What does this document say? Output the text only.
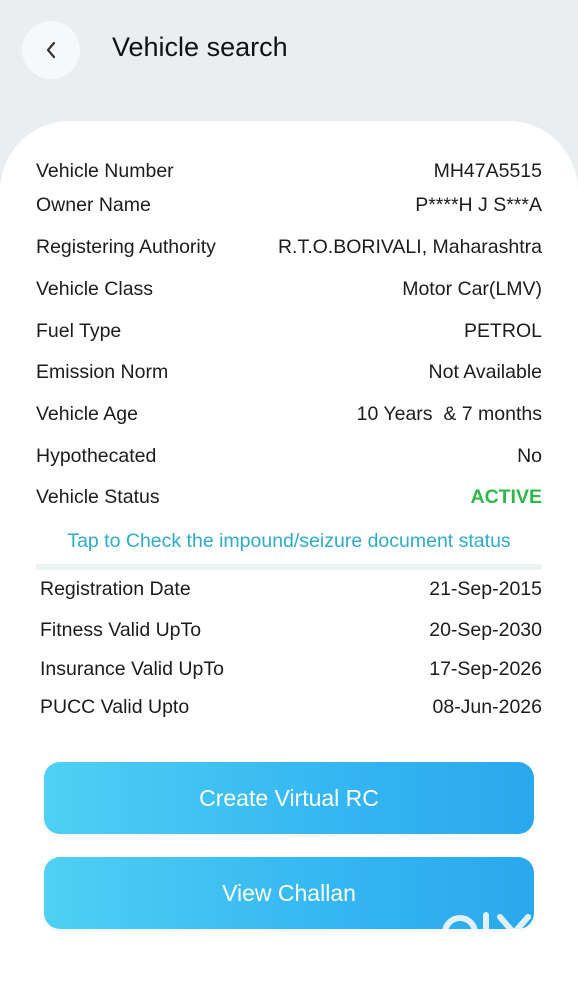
Vehicle search
Vehicle Number	MH47A5515
Owner Name	P****H J S***A
Registering Authority	R.T.O.BORIVALI, Maharashtra
Vehicle Class	Motor Car(LMV)
Fuel Type	PETROL
Emission Norm	Not Available
Vehicle Age	10 Years  & 7 months
Hypothecated	No
Vehicle Status	ACTIVE
Tap to Check the impound/seizure document status
Registration Date	21-Sep-2015
Fitness Valid UpTo	20-Sep-2030
Insurance Valid UpTo	17-Sep-2026
PUCC Valid Upto	08-Jun-2026
Create Virtual RC
View Challan
INDIA
